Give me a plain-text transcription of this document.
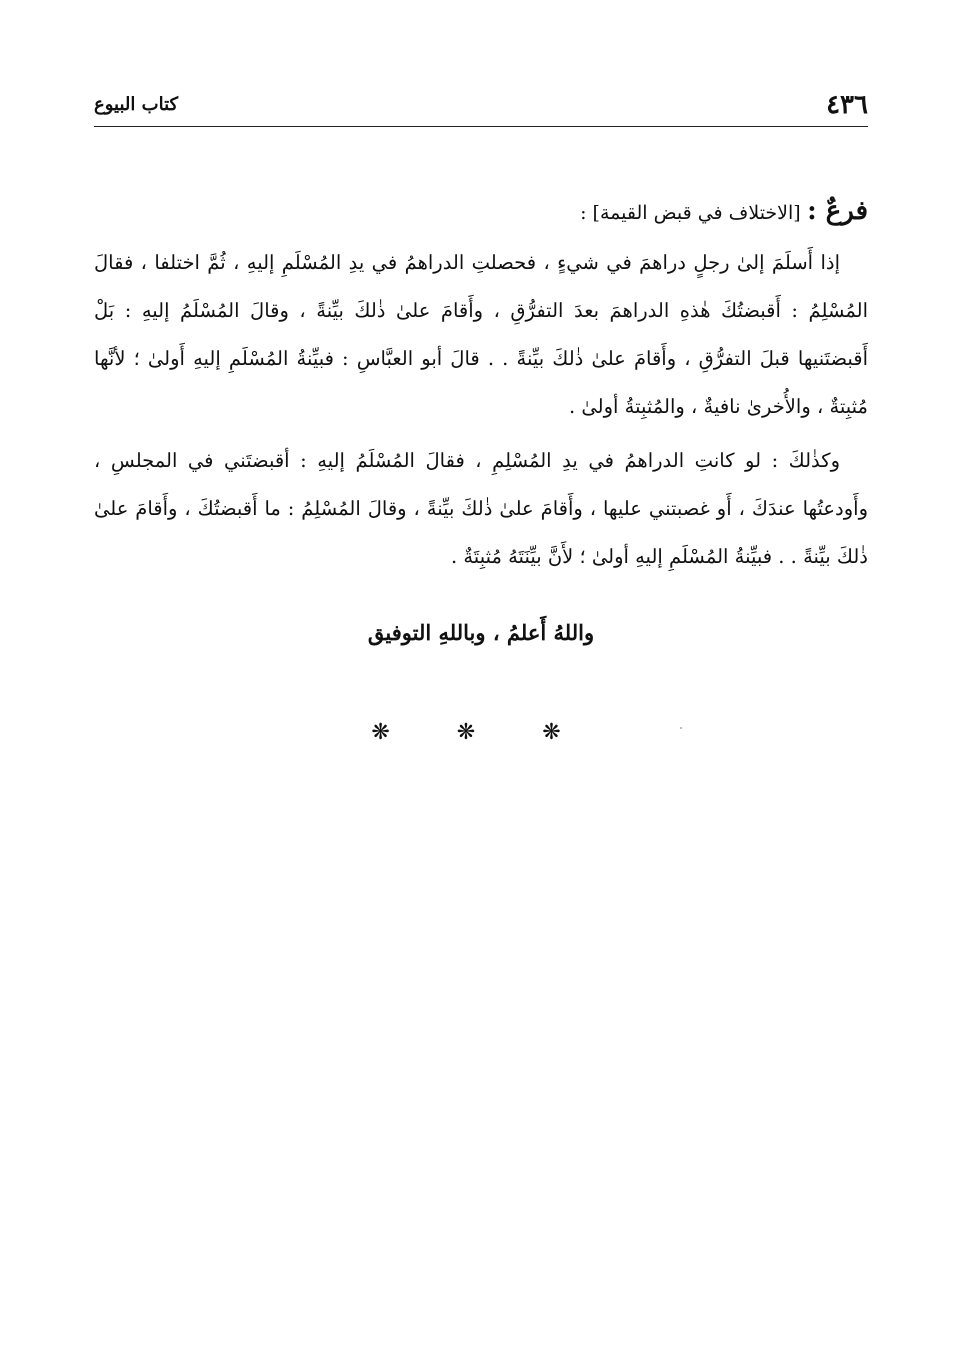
٤٣٦
كتاب البيوع

فرعٌ : [الاختلاف في قبض القيمة] :

إذا أَسلَمَ إلىٰ رجلٍ دراهمَ في شيءٍ ، فحصلتِ الدراهمُ في يدِ المُسْلَمِ إليهِ ، ثُمَّ اختلفا ، فقالَ المُسْلِمُ : أَقبضتُكَ هٰذهِ الدراهمَ بعدَ التفرُّقِ ، وأَقامَ علىٰ ذٰلكَ بيِّنةً ، وقالَ المُسْلَمُ إليهِ : بَلْ أَقبضتَنيها قبلَ التفرُّقِ ، وأَقامَ علىٰ ذٰلكَ بيِّنةً . . قالَ أبو العبَّاسِ : فبيِّنةُ المُسْلَمِ إليهِ أَولىٰ ؛ لأنَّها مُثبِتةٌ ، والأُخرىٰ نافيةٌ ، والمُثبِتةُ أولىٰ .

وكذٰلكَ : لو كانتِ الدراهمُ في يدِ المُسْلِمِ ، فقالَ المُسْلَمُ إليهِ : أقبضتَني في المجلسِ ، وأَودعتُها عندَكَ ، أَو غصبتني عليها ، وأَقامَ علىٰ ذٰلكَ بيِّنةً ، وقالَ المُسْلِمُ : ما أَقبضتُكَ ، وأَقامَ علىٰ ذٰلكَ بيِّنةً . . فبيِّنةُ المُسْلَمِ إليهِ أولىٰ ؛ لأَنَّ بيِّنَتَهُ مُثبِتَةٌ .

واللهُ أَعلمُ ، وباللهِ التوفيق
❋ ❋ ❋
